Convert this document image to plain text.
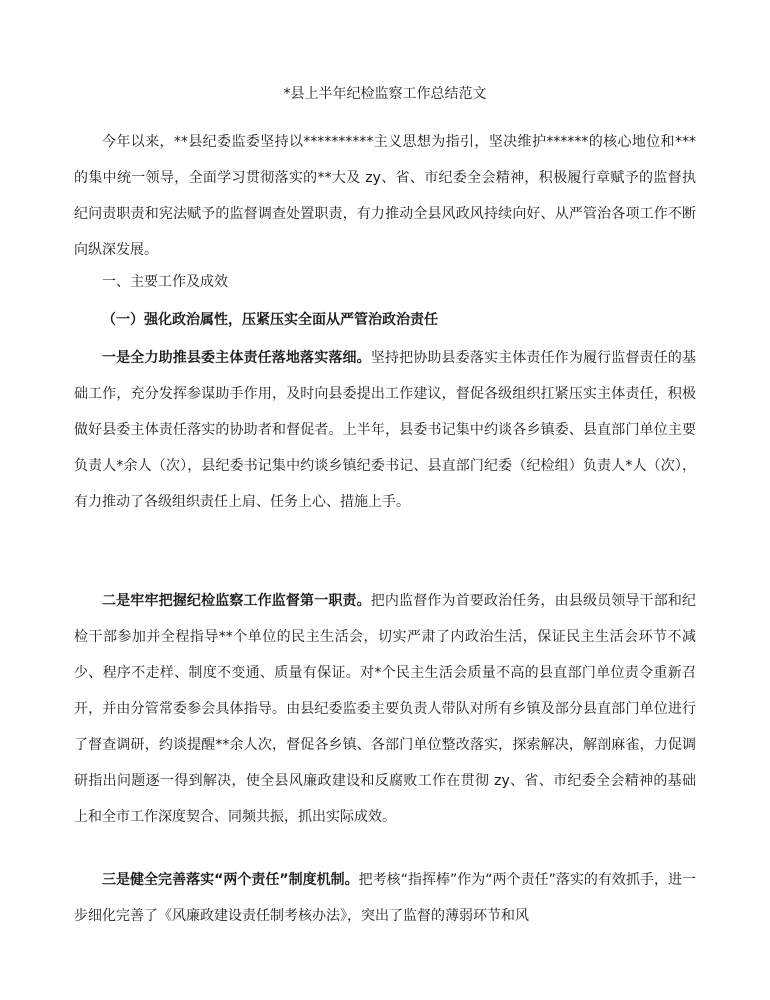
*县上半年纪检监察工作总结范文

今年以来，**县纪委监委坚持以**********主义思想为指引，坚决维护******的核心地位和***的集中统一领导，全面学习贯彻落实的**大及 zy、省、市纪委全会精神，积极履行章赋予的监督执纪问责职责和宪法赋予的监督调查处置职责，有力推动全县风政风持续向好、从严管治各项工作不断向纵深发展。

一、主要工作及成效

（一）强化政治属性，压紧压实全面从严管治政治责任

一是全力助推县委主体责任落地落实落细。坚持把协助县委落实主体责任作为履行监督责任的基础工作，充分发挥参谋助手作用，及时向县委提出工作建议，督促各级组织扛紧压实主体责任，积极做好县委主体责任落实的协助者和督促者。上半年，县委书记集中约谈各乡镇委、县直部门单位主要负责人*余人（次），县纪委书记集中约谈乡镇纪委书记、县直部门纪委（纪检组）负责人*人（次），有力推动了各级组织责任上肩、任务上心、措施上手。

二是牢牢把握纪检监察工作监督第一职责。把内监督作为首要政治任务，由县级员领导干部和纪检干部参加并全程指导**个单位的民主生活会，切实严肃了内政治生活，保证民主生活会环节不减少、程序不走样、制度不变通、质量有保证。对*个民主生活会质量不高的县直部门单位责令重新召开，并由分管常委参会具体指导。由县纪委监委主要负责人带队对所有乡镇及部分县直部门单位进行了督查调研，约谈提醒**余人次，督促各乡镇、各部门单位整改落实，探索解决，解剖麻雀，力促调研指出问题逐一得到解决，使全县风廉政建设和反腐败工作在贯彻 zy、省、市纪委全会精神的基础上和全市工作深度契合、同频共振，抓出实际成效。

三是健全完善落实“两个责任”制度机制。把考核“指挥棒”作为“两个责任”落实的有效抓手，进一步细化完善了《风廉政建设责任制考核办法》，突出了监督的薄弱环节和风
